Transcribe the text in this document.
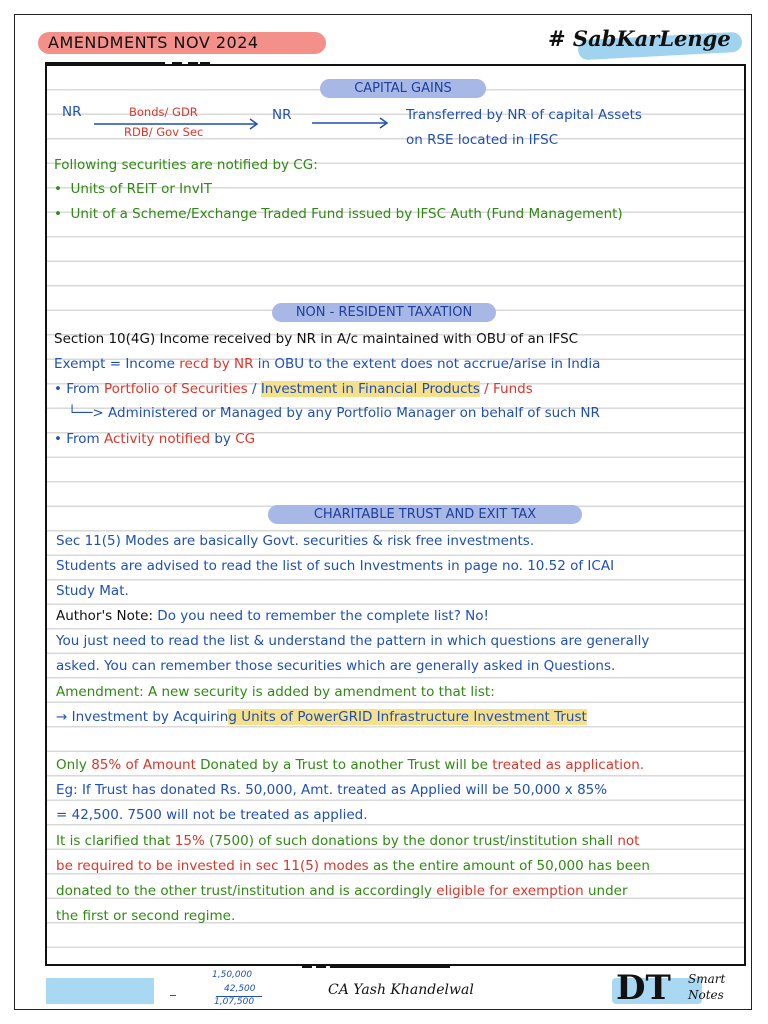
AMENDMENTS NOV 2024	# SabKarLenge
CAPITAL GAINS
NR	Bonds/ GDR
RDB/ Gov Sec
NR	Transferred by NR of capital Assets
on RSE located in IFSC
Following securities are notified by CG:
•  Units of REIT or InvIT
•  Unit of a Scheme/Exchange Traded Fund issued by IFSC Auth (Fund Management)
NON - RESIDENT TAXATION
Section 10(4G) Income received by NR in A/c maintained with OBU of an IFSC
Exempt = Income recd by NR in OBU to the extent does not accrue/arise in India
• From Portfolio of Securities / Investment in Financial Products / Funds
└──> Administered or Managed by any Portfolio Manager on behalf of such NR
• From Activity notified by CG
CHARITABLE TRUST AND EXIT TAX
Sec 11(5) Modes are basically Govt. securities & risk free investments.
Students are advised to read the list of such Investments in page no. 10.52 of ICAI
Study Mat.
Author's Note: Do you need to remember the complete list? No!
You just need to read the list & understand the pattern in which questions are generally
asked. You can remember those securities which are generally asked in Questions.
Amendment: A new security is added by amendment to that list:
→ Investment by Acquiring Units of PowerGRID Infrastructure Investment Trust
Only 85% of Amount Donated by a Trust to another Trust will be treated as application.
Eg: If Trust has donated Rs. 50,000, Amt. treated as Applied will be 50,000 x 85%
= 42,500. 7500 will not be treated as applied.
It is clarified that 15% (7500) of such donations by the donor trust/institution shall not
be required to be invested in sec 11(5) modes as the entire amount of 50,000 has been
donated to the other trust/institution and is accordingly eligible for exemption under
the first or second regime.
1,50,000
42,500
1,07,500
CA Yash Khandelwal	DT Smart
Notes
